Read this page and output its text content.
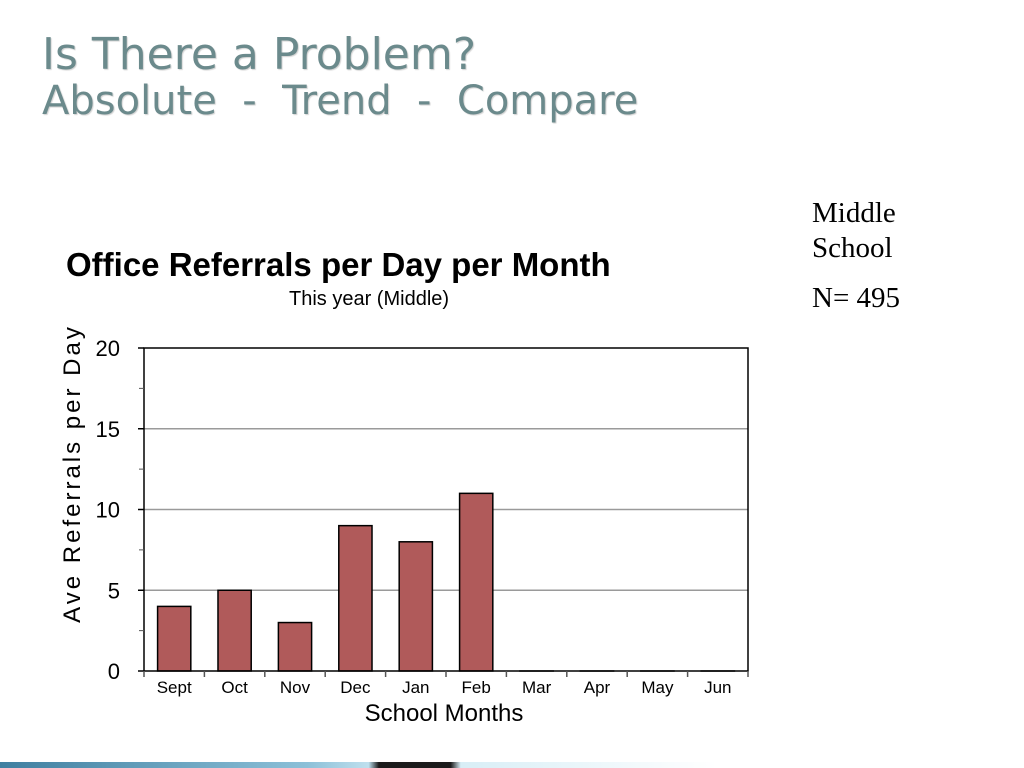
Is There a Problem?
Absolute  -  Trend  -  Compare
Middle
School
N= 495
Office Referrals per Day per Month
This year (Middle)
0
5
10
15
20
Sept Oct Nov Dec Jan Feb Mar Apr May Jun
School Months
Ave Referrals per Day
